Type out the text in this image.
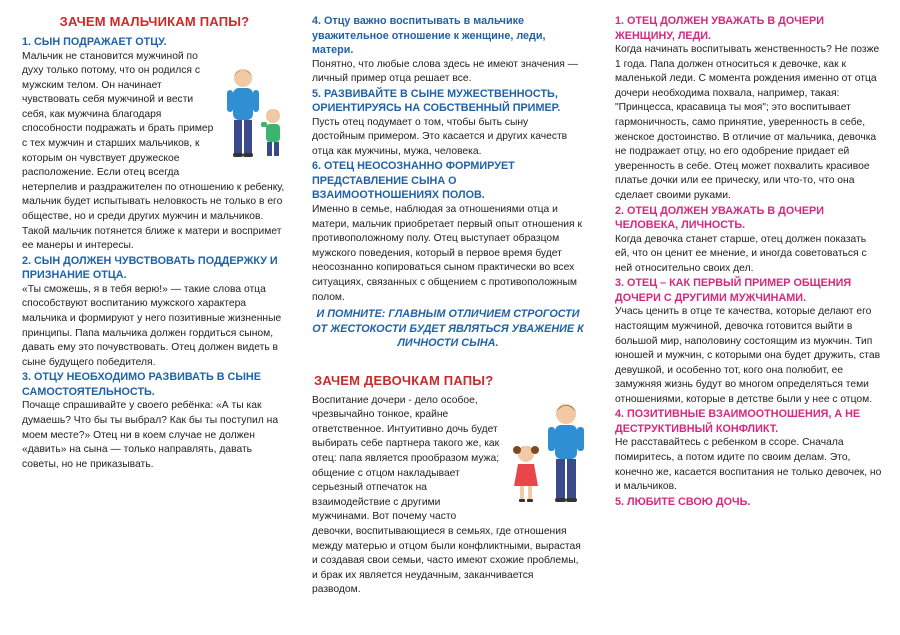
ЗАЧЕМ МАЛЬЧИКАМ ПАПЫ?
1. СЫН ПОДРАЖАЕТ ОТЦУ.
Мальчик не становится мужчиной по духу только потому, что он родился с мужским телом. Он начинает чувствовать себя мужчиной и вести себя, как мужчина благодаря способности подражать и брать пример с тех мужчин и старших мальчиков, к которым он чувствует дружеское расположение. Если отец всегда нетерпелив и раздражителен по отношению к ребенку, мальчик будет испытывать неловкость не только в его обществе, но и среди других мужчин и мальчиков. Такой мальчик потянется ближе к матери и воспримет ее манеры и интересы.
2. СЫН ДОЛЖЕН ЧУВСТВОВАТЬ ПОДДЕРЖКУ И ПРИЗНАНИЕ ОТЦА.
«Ты сможешь, я в тебя верю!» — такие слова отца способствуют воспитанию мужского характера мальчика и формируют у него позитивные жизненные принципы. Папа мальчика должен гордиться сыном, давать ему это почувствовать. Отец должен видеть в сыне будущего победителя.
3. ОТЦУ НЕОБХОДИМО РАЗВИВАТЬ В СЫНЕ САМОСТОЯТЕЛЬНОСТЬ.
Почаще спрашивайте у своего ребёнка: «А ты как думаешь? Что бы ты выбрал? Как бы ты поступил на моем месте?» Отец ни в коем случае не должен «давить» на сына — только направлять, давать советы, но не приказывать.
4. Отцу важно воспитывать в мальчике уважительное отношение к женщине, леди, матери.
Понятно, что любые слова здесь не имеют значения — личный пример отца решает все.
5. РАЗВИВАЙТЕ В СЫНЕ МУЖЕСТВЕННОСТЬ, ОРИЕНТИРУЯСЬ НА СОБСТВЕННЫЙ ПРИМЕР.
Пусть отец подумает о том, чтобы быть сыну достойным примером. Это касается и других качеств отца как мужчины, мужа, человека.
6. ОТЕЦ НЕОСОЗНАННО ФОРМИРУЕТ ПРЕДСТАВЛЕНИЕ СЫНА О ВЗАИМООТНОШЕНИЯХ ПОЛОВ.
Именно в семье, наблюдая за отношениями отца и матери, мальчик приобретает первый опыт отношения к противоположному полу. Отец выступает образцом мужского поведения, который в первое время будет неосознанно копироваться сыном практически во всех ситуациях, связанных с общением с противоположным полом.
И ПОМНИТЕ: ГЛАВНЫМ ОТЛИЧИЕМ СТРОГОСТИ ОТ ЖЕСТОКОСТИ БУДЕТ ЯВЛЯТЬСЯ УВАЖЕНИЕ К ЛИЧНОСТИ СЫНА.
ЗАЧЕМ ДЕВОЧКАМ ПАПЫ?
Воспитание дочери - дело особое, чрезвычайно тонкое, крайне ответственное. Интуитивно дочь будет выбирать себе партнера такого же, как отец: папа является прообразом мужа; общение с отцом накладывает серьезный отпечаток на взаимодействие с другими мужчинами. Вот почему часто девочки, воспитывающиеся в семьях, где отношения между матерью и отцом были конфликтными, вырастая и создавая свои семьи, часто имеют схожие проблемы, и брак их является неудачным, заканчивается разводом.
1. ОТЕЦ ДОЛЖЕН УВАЖАТЬ В ДОЧЕРИ ЖЕНЩИНУ, ЛЕДИ.
Когда начинать воспитывать женственность? Не позже 1 года. Папа должен относиться к девочке, как к маленькой леди. С момента рождения именно от отца дочери необходима похвала, например, такая: "Принцесса, красавица ты моя"; это воспитывает гармоничность, само принятие, уверенность в себе, женское достоинство. В отличие от мальчика, девочка не подражает отцу, но его одобрение придает ей уверенность в себе. Отец может похвалить красивое платье дочки или ее прическу, или что-то, что она сделает своими руками.
2. ОТЕЦ ДОЛЖЕН УВАЖАТЬ В ДОЧЕРИ ЧЕЛОВЕКА, ЛИЧНОСТЬ.
Когда девочка станет старше, отец должен показать ей, что он ценит ее мнение, и иногда советоваться с ней относительно своих дел.
3. ОТЕЦ – КАК ПЕРВЫЙ ПРИМЕР ОБЩЕНИЯ ДОЧЕРИ С ДРУГИМИ МУЖЧИНАМИ.
Учась ценить в отце те качества, которые делают его настоящим мужчиной, девочка готовится выйти в большой мир, наполовину состоящим из мужчин. Тип юношей и мужчин, с которыми она будет дружить, став девушкой, и особенно тот, кого она полюбит, ее замужняя жизнь будут во многом определяться теми отношениями, которые в детстве были у нее с отцом.
4. ПОЗИТИВНЫЕ ВЗАИМООТНОШЕНИЯ, А НЕ ДЕСТРУКТИВНЫЙ КОНФЛИКТ.
Не расставайтесь с ребенком в ссоре. Сначала помиритесь, а потом идите по своим делам. Это, конечно же, касается воспитания не только девочек, но и мальчиков.
5. ЛЮБИТЕ СВОЮ ДОЧЬ.
